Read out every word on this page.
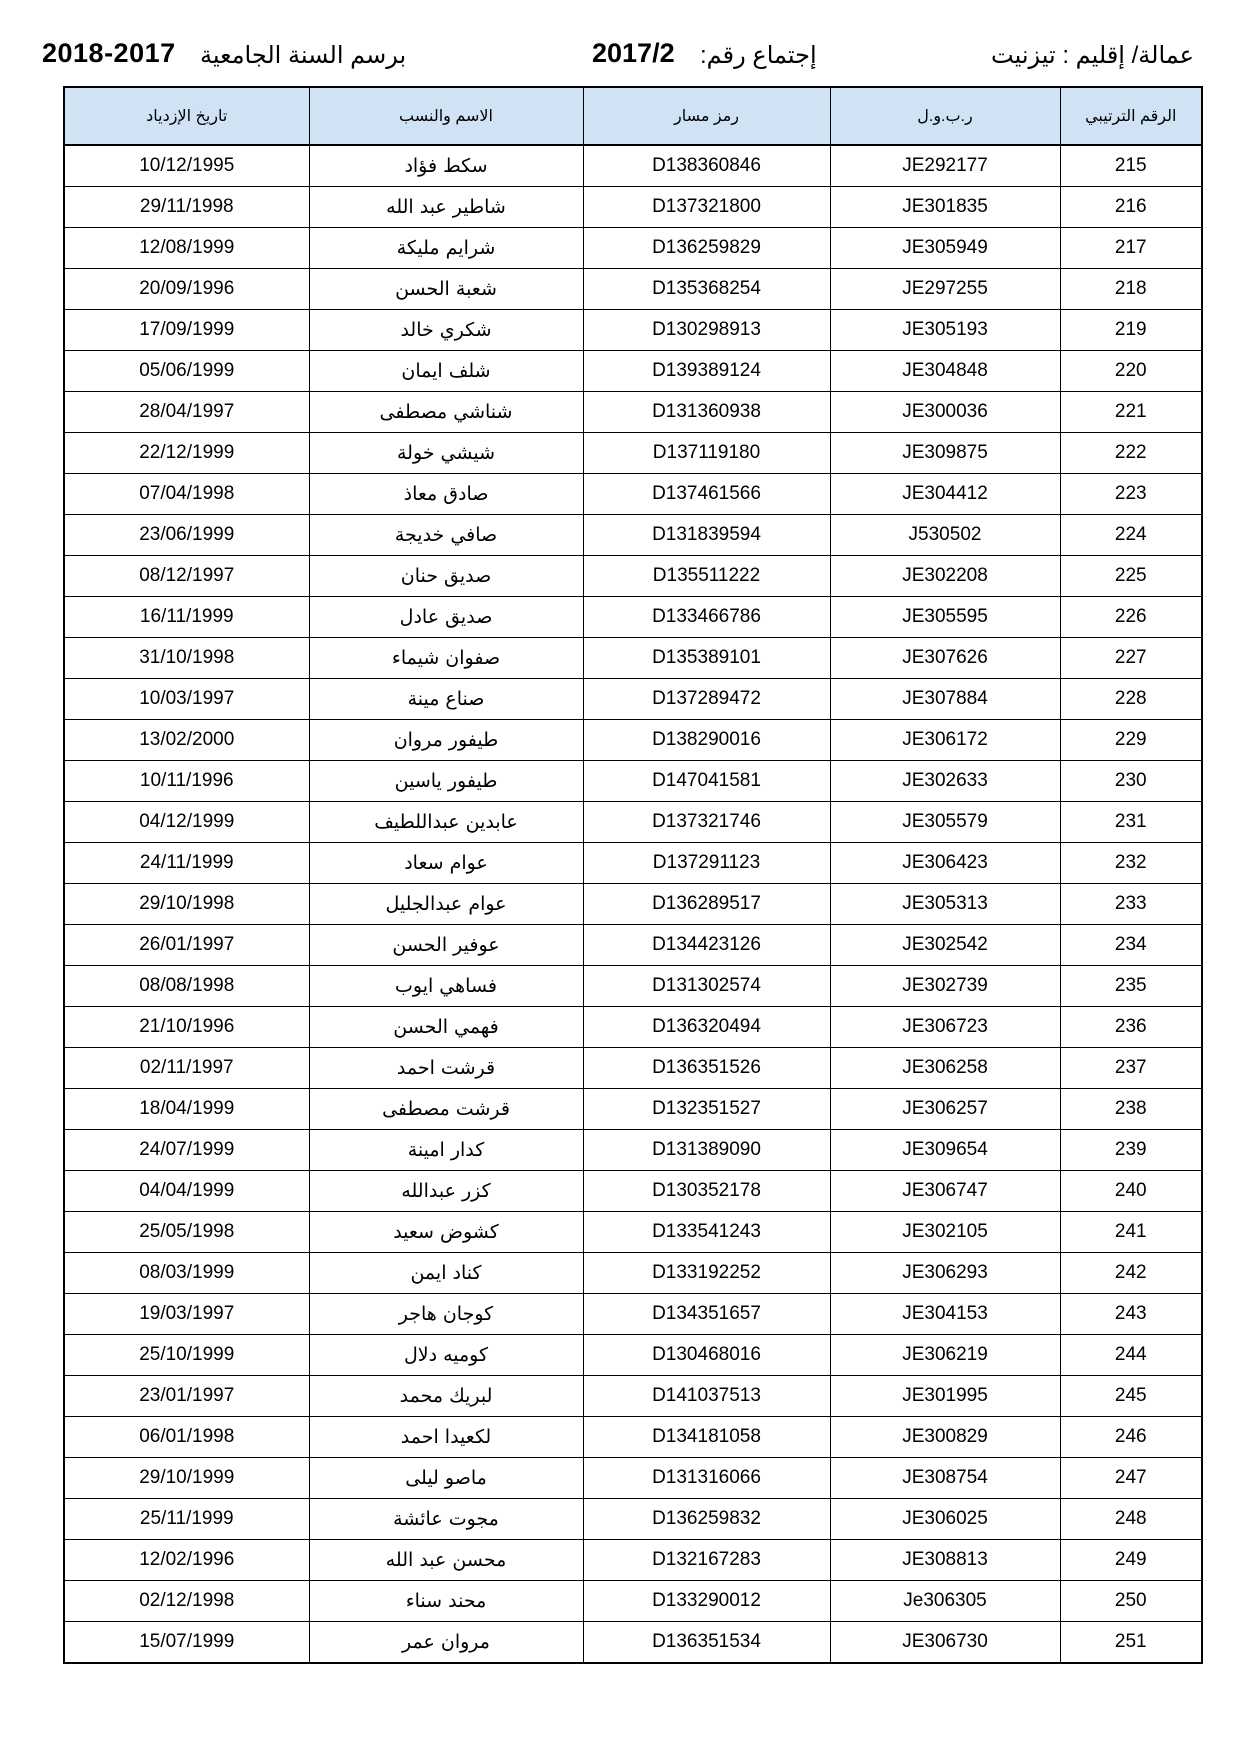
2018-2017 برسم السنة الجامعية	2017/2 إجتماع رقم:	عمالة/ إقليم : تيزنيت
تاريخ الإزدياد	الاسم والنسب	رمز مسار	ر.ب.و.ل	الرقم الترتيبي
10/12/1995	سكط فؤاد	D138360846	JE292177	215
29/11/1998	شاطير عبد الله	D137321800	JE301835	216
12/08/1999	شرايم مليكة	D136259829	JE305949	217
20/09/1996	شعبة الحسن	D135368254	JE297255	218
17/09/1999	شكري خالد	D130298913	JE305193	219
05/06/1999	شلف ايمان	D139389124	JE304848	220
28/04/1997	شناشي مصطفى	D131360938	JE300036	221
22/12/1999	شيشي خولة	D137119180	JE309875	222
07/04/1998	صادق معاذ	D137461566	JE304412	223
23/06/1999	صافي خديجة	D131839594	J530502	224
08/12/1997	صديق حنان	D135511222	JE302208	225
16/11/1999	صديق عادل	D133466786	JE305595	226
31/10/1998	صفوان شيماء	D135389101	JE307626	227
10/03/1997	صناع مينة	D137289472	JE307884	228
13/02/2000	طيفور مروان	D138290016	JE306172	229
10/11/1996	طيفور ياسين	D147041581	JE302633	230
04/12/1999	عابدين عبداللطيف	D137321746	JE305579	231
24/11/1999	عوام سعاد	D137291123	JE306423	232
29/10/1998	عوام عبدالجليل	D136289517	JE305313	233
26/01/1997	عوفير الحسن	D134423126	JE302542	234
08/08/1998	فساهي ايوب	D131302574	JE302739	235
21/10/1996	فهمي الحسن	D136320494	JE306723	236
02/11/1997	قرشت احمد	D136351526	JE306258	237
18/04/1999	قرشت مصطفى	D132351527	JE306257	238
24/07/1999	كدار امينة	D131389090	JE309654	239
04/04/1999	كزر عبدالله	D130352178	JE306747	240
25/05/1998	كشوض سعيد	D133541243	JE302105	241
08/03/1999	كناد ايمن	D133192252	JE306293	242
19/03/1997	كوجان هاجر	D134351657	JE304153	243
25/10/1999	كوميه دلال	D130468016	JE306219	244
23/01/1997	لبريك محمد	D141037513	JE301995	245
06/01/1998	لكعيدا احمد	D134181058	JE300829	246
29/10/1999	ماصو ليلى	D131316066	JE308754	247
25/11/1999	مجوت عائشة	D136259832	JE306025	248
12/02/1996	محسن عبد الله	D132167283	JE308813	249
02/12/1998	محند سناء	D133290012	Je306305	250
15/07/1999	مروان عمر	D136351534	JE306730	251
